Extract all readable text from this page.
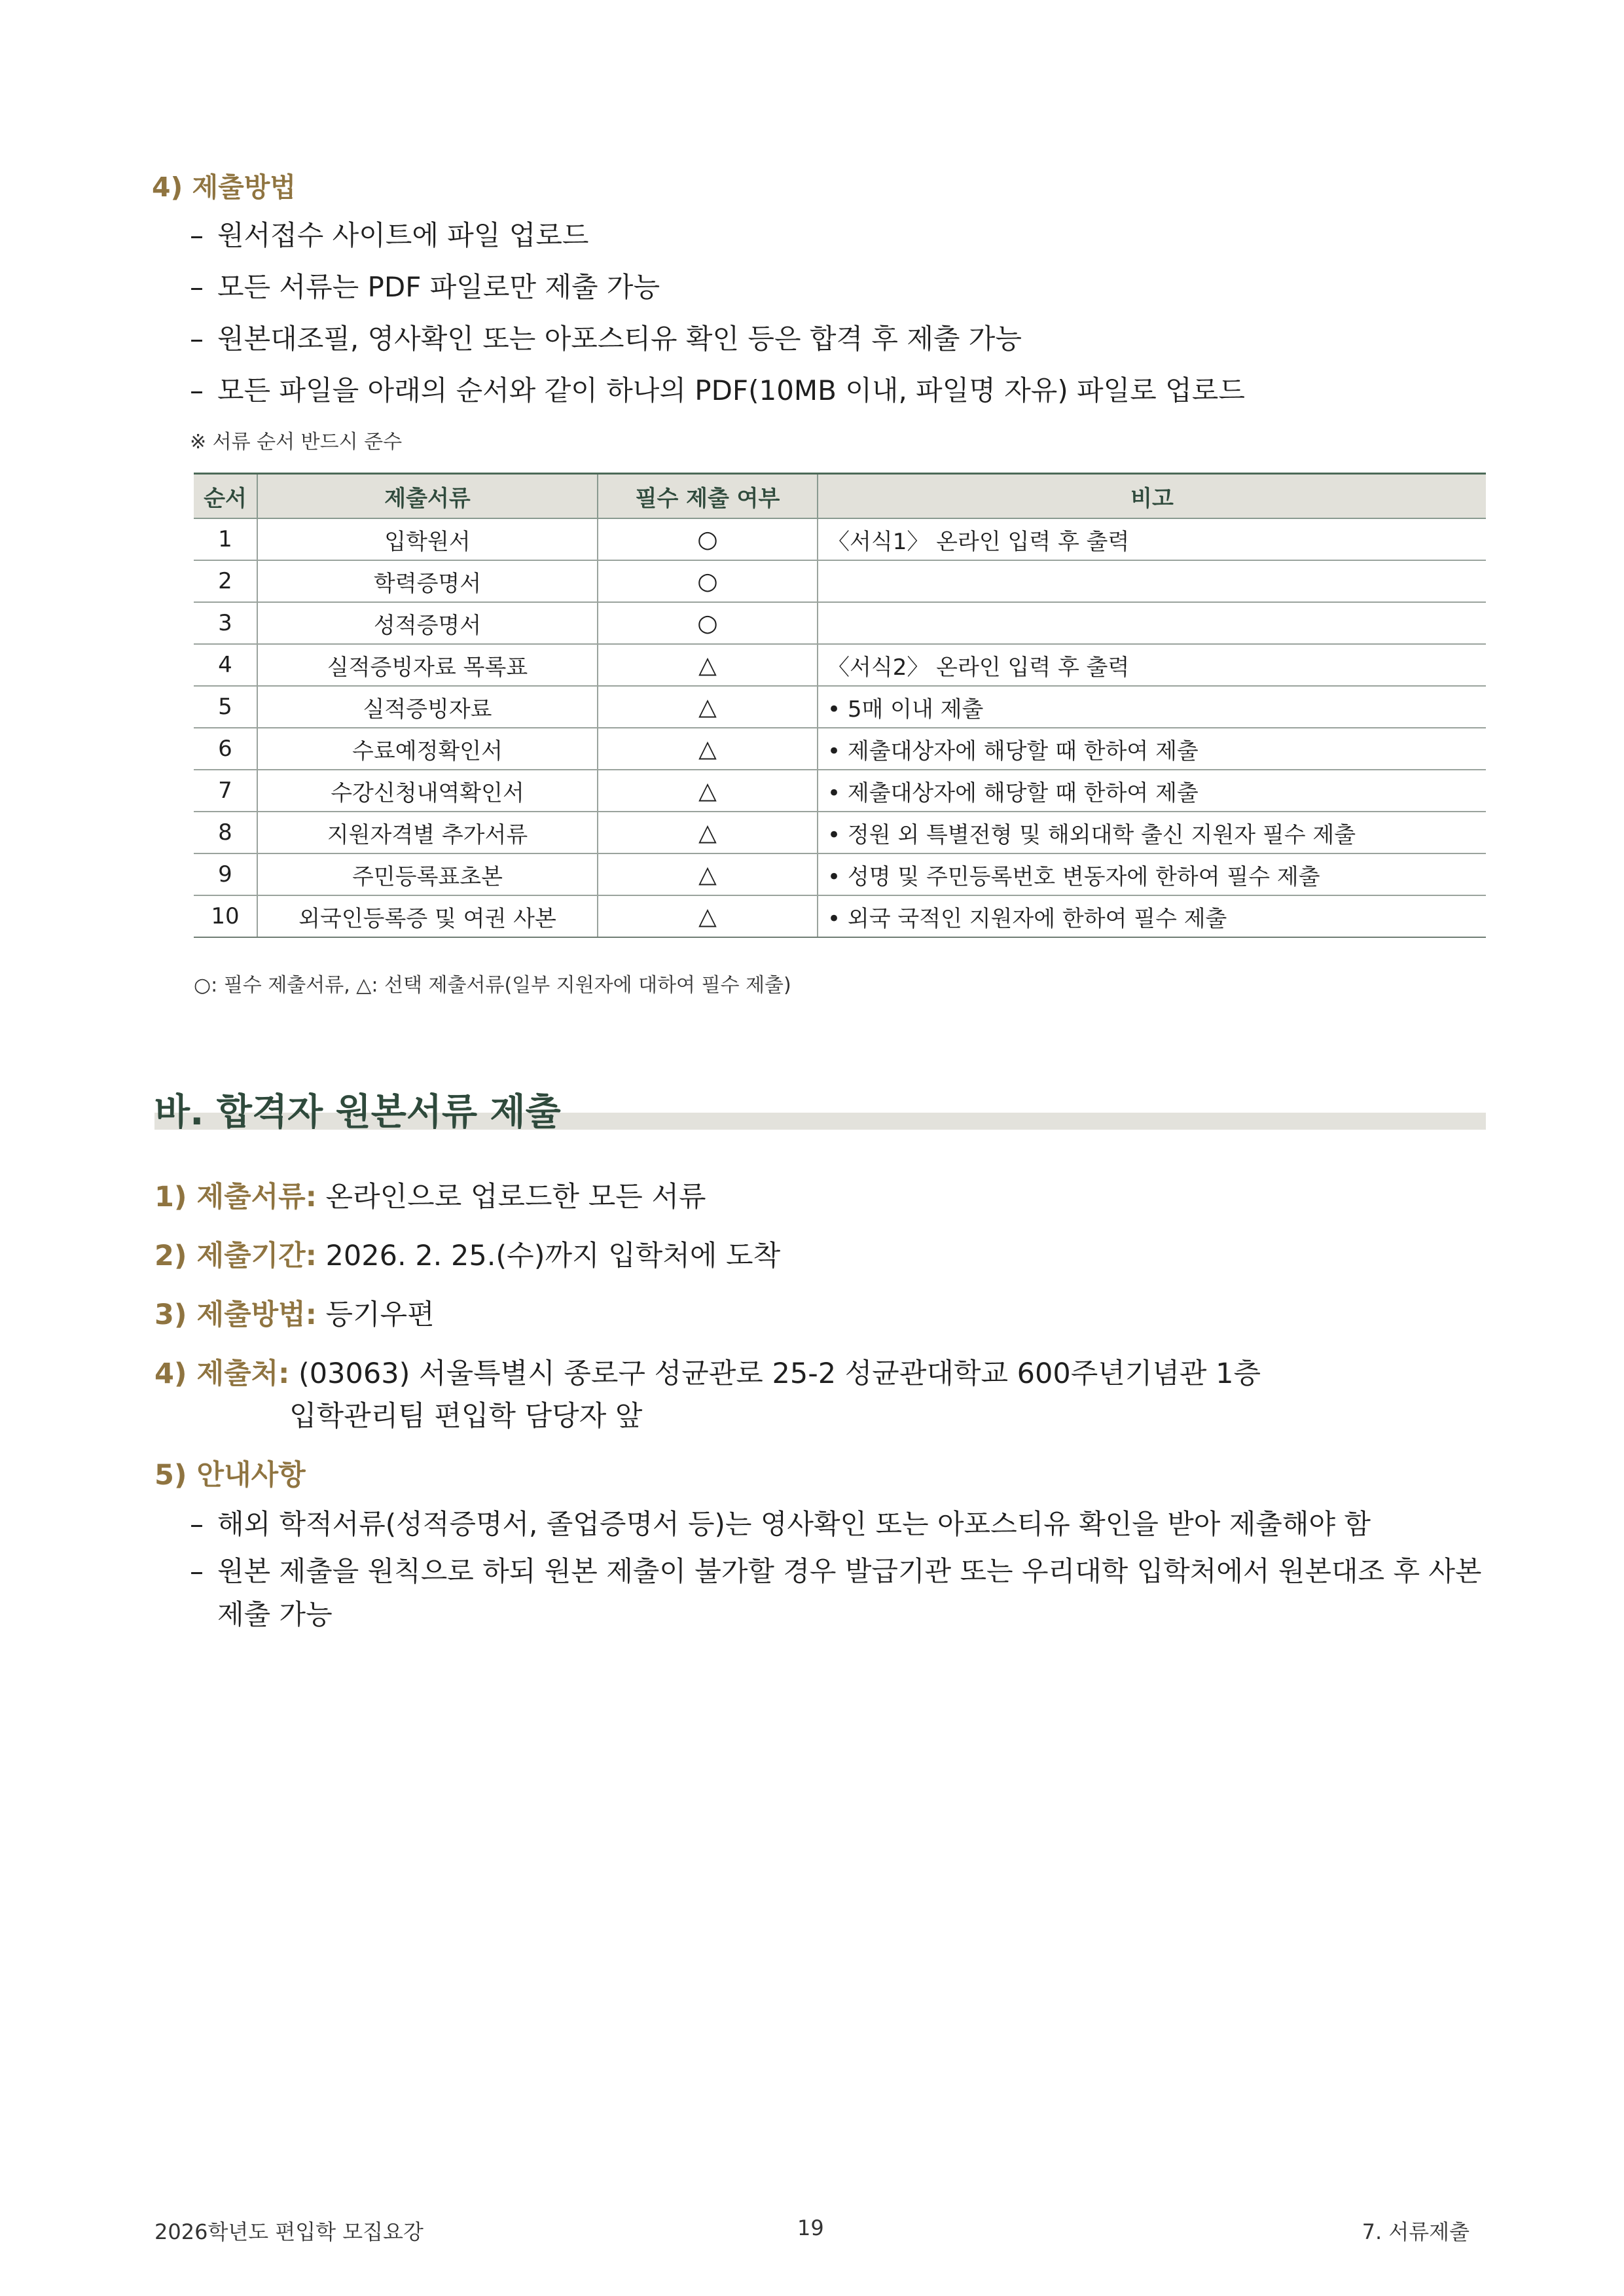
4) 제출방법
– 원서접수 사이트에 파일 업로드
– 모든 서류는 PDF 파일로만 제출 가능
– 원본대조필, 영사확인 또는 아포스티유 확인 등은 합격 후 제출 가능
– 모든 파일을 아래의 순서와 같이 하나의 PDF(10MB 이내, 파일명 자유) 파일로 업로드
※ 서류 순서 반드시 준수
순서	제출서류	필수 제출 여부	비고
1	입학원서	○	〈서식1〉 온라인 입력 후 출력
2	학력증명서	○	
3	성적증명서	○	
4	실적증빙자료 목록표	△	〈서식2〉 온라인 입력 후 출력
5	실적증빙자료	△	• 5매 이내 제출
6	수료예정확인서	△	• 제출대상자에 해당할 때 한하여 제출
7	수강신청내역확인서	△	• 제출대상자에 해당할 때 한하여 제출
8	지원자격별 추가서류	△	• 정원 외 특별전형 및 해외대학 출신 지원자 필수 제출
9	주민등록표초본	△	• 성명 및 주민등록번호 변동자에 한하여 필수 제출
10	외국인등록증 및 여권 사본	△	• 외국 국적인 지원자에 한하여 필수 제출
○: 필수 제출서류, △: 선택 제출서류(일부 지원자에 대하여 필수 제출)
바. 합격자 원본서류 제출
1) 제출서류: 온라인으로 업로드한 모든 서류
2) 제출기간: 2026. 2. 25.(수)까지 입학처에 도착
3) 제출방법: 등기우편
4) 제출처: (03063) 서울특별시 종로구 성균관로 25-2 성균관대학교 600주년기념관 1층
입학관리팀 편입학 담당자 앞
5) 안내사항
– 해외 학적서류(성적증명서, 졸업증명서 등)는 영사확인 또는 아포스티유 확인을 받아 제출해야 함
– 원본 제출을 원칙으로 하되 원본 제출이 불가할 경우 발급기관 또는 우리대학 입학처에서 원본대조 후 사본
제출 가능
2026학년도 편입학 모집요강	19	7. 서류제출
